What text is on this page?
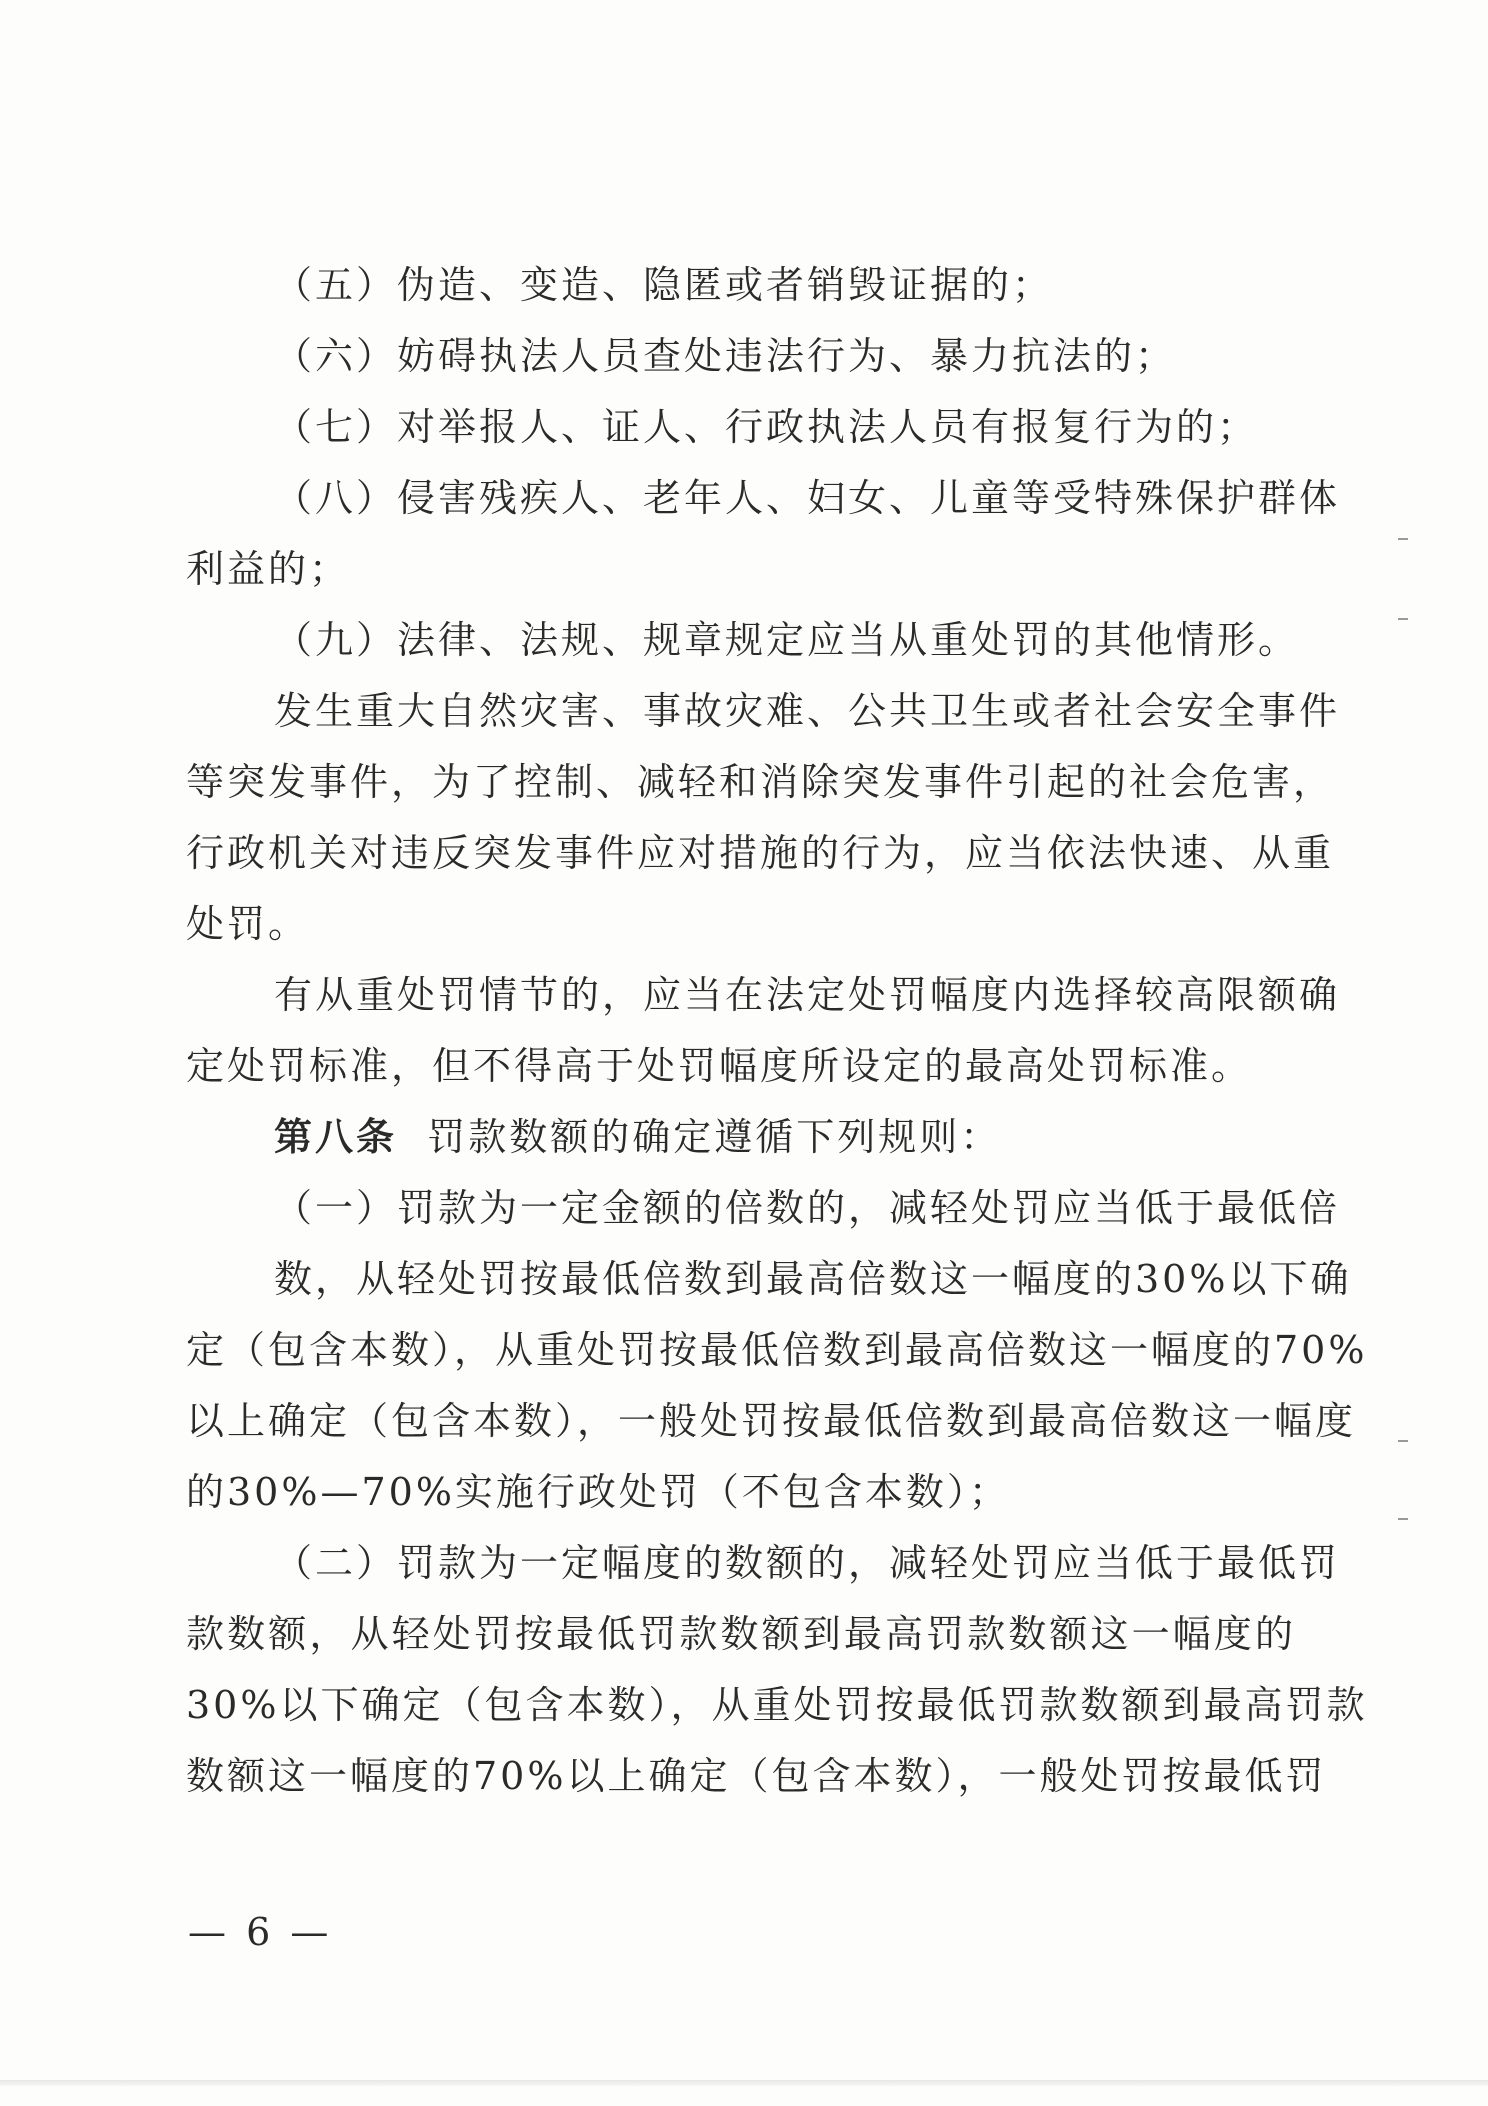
（五）伪造、变造、隐匿或者销毁证据的；
（六）妨碍执法人员查处违法行为、暴力抗法的；
（七）对举报人、证人、行政执法人员有报复行为的；
（八）侵害残疾人、老年人、妇女、儿童等受特殊保护群体
利益的；
（九）法律、法规、规章规定应当从重处罚的其他情形。
发生重大自然灾害、事故灾难、公共卫生或者社会安全事件
等突发事件，为了控制、减轻和消除突发事件引起的社会危害，
行政机关对违反突发事件应对措施的行为，应当依法快速、从重
处罚。
有从重处罚情节的，应当在法定处罚幅度内选择较高限额确
定处罚标准，但不得高于处罚幅度所设定的最高处罚标准。
第八条 罚款数额的确定遵循下列规则：
（一）罚款为一定金额的倍数的，减轻处罚应当低于最低倍
数，从轻处罚按最低倍数到最高倍数这一幅度的30%以下确
定（包含本数），从重处罚按最低倍数到最高倍数这一幅度的70%
以上确定（包含本数），一般处罚按最低倍数到最高倍数这一幅度
的30%—70%实施行政处罚（不包含本数）；
（二）罚款为一定幅度的数额的，减轻处罚应当低于最低罚
款数额，从轻处罚按最低罚款数额到最高罚款数额这一幅度的
30%以下确定（包含本数），从重处罚按最低罚款数额到最高罚款
数额这一幅度的70%以上确定（包含本数），一般处罚按最低罚
— 6 —
